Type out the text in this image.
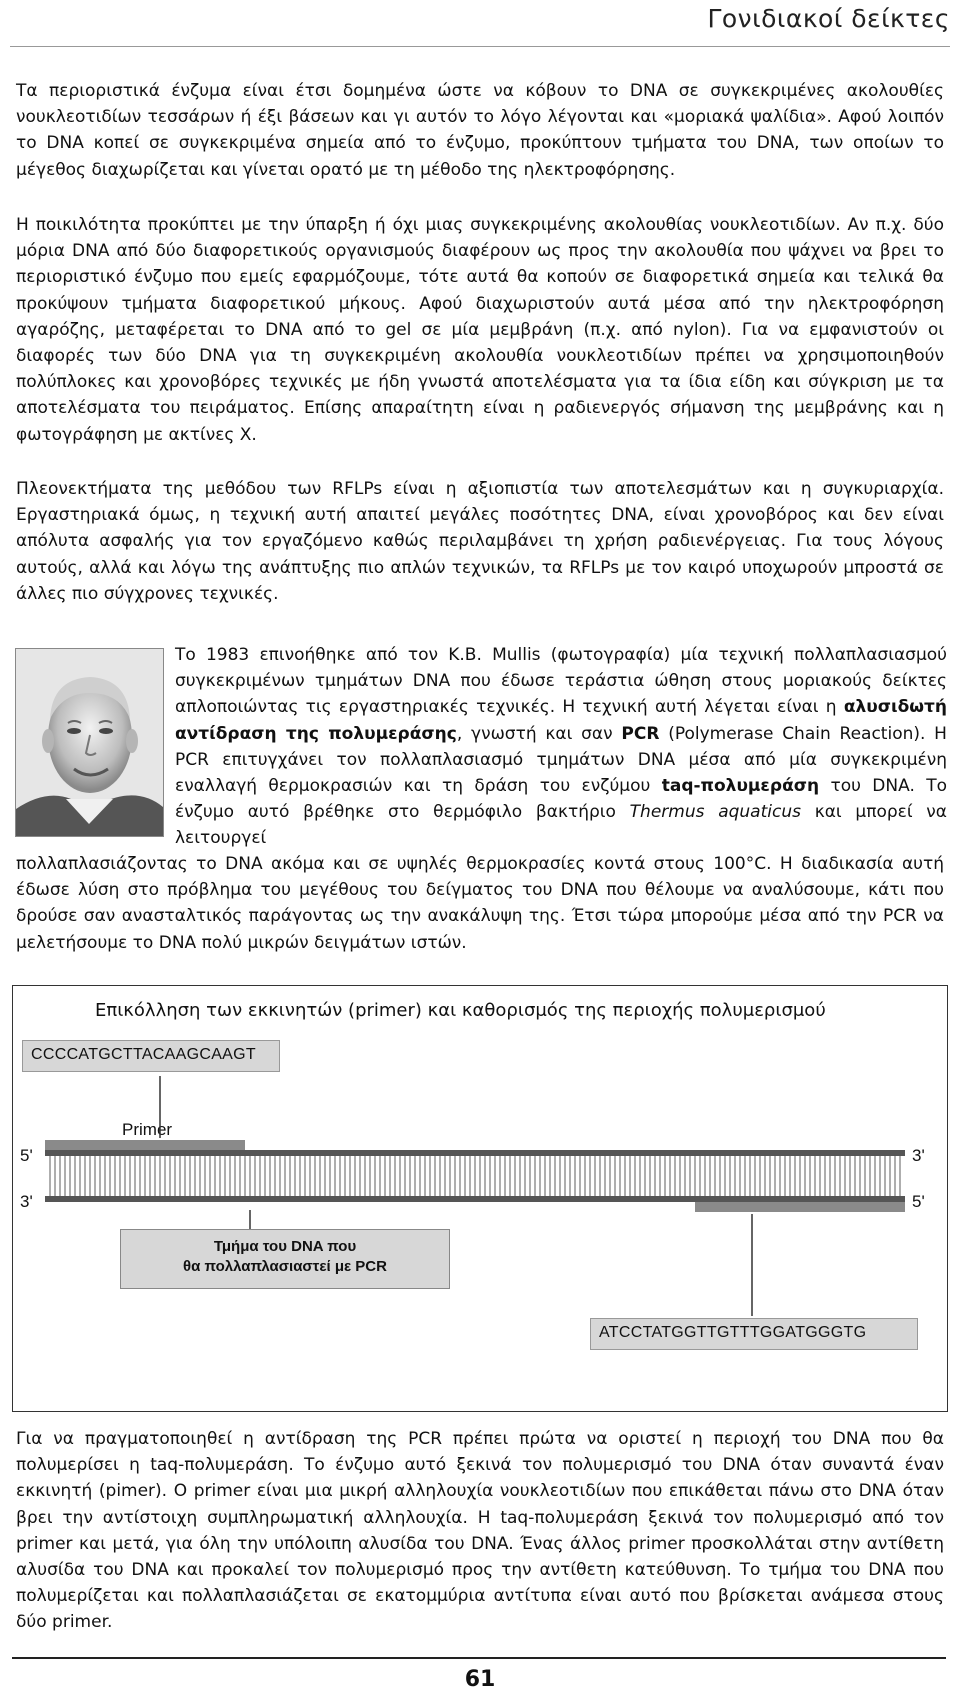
Γονιδιακοί δείκτες

Τα περιοριστικά ένζυμα είναι έτσι δομημένα ώστε να κόβουν το DNA σε συγκεκριμένες ακολουθίες νουκλεοτιδίων τεσσάρων ή έξι βάσεων και γι αυτόν το λόγο λέγονται και «μοριακά ψαλίδια». Αφού λοιπόν το DNA κοπεί σε συγκεκριμένα σημεία από το ένζυμο, προκύπτουν τμήματα του DNA, των οποίων το μέγεθος διαχωρίζεται και γίνεται ορατό με τη μέθοδο της ηλεκτροφόρησης.

Η ποικιλότητα προκύπτει με την ύπαρξη ή όχι μιας συγκεκριμένης ακολουθίας νουκλεοτιδίων. Αν π.χ. δύο μόρια DNA από δύο διαφορετικούς οργανισμούς διαφέρουν ως προς την ακολουθία που ψάχνει να βρει το περιοριστικό ένζυμο που εμείς εφαρμόζουμε, τότε αυτά θα κοπούν σε διαφορετικά σημεία και τελικά θα προκύψουν τμήματα διαφορετικού μήκους. Αφού διαχωριστούν αυτά μέσα από την ηλεκτροφόρηση αγαρόζης, μεταφέρεται το DNA από το gel σε μία μεμβράνη (π.χ. από nylon). Για να εμφανιστούν οι διαφορές των δύο DNA για τη συγκεκριμένη ακολουθία νουκλεοτιδίων πρέπει να χρησιμοποιηθούν πολύπλοκες και χρονοβόρες τεχνικές με ήδη γνωστά αποτελέσματα για τα ίδια είδη και σύγκριση με τα αποτελέσματα του πειράματος. Επίσης απαραίτητη είναι η ραδιενεργός σήμανση της μεμβράνης και η φωτογράφηση με ακτίνες Χ.

Πλεονεκτήματα της μεθόδου των RFLPs είναι η αξιοπιστία των αποτελεσμάτων και η συγκυριαρχία. Εργαστηριακά όμως, η τεχνική αυτή απαιτεί μεγάλες ποσότητες DNA, είναι χρονοβόρος και δεν είναι απόλυτα ασφαλής για τον εργαζόμενο καθώς περιλαμβάνει τη χρήση ραδιενέργειας. Για τους λόγους αυτούς, αλλά και λόγω της ανάπτυξης πιο απλών τεχνικών, τα RFLPs με τον καιρό υποχωρούν μπροστά σε άλλες πιο σύγχρονες τεχνικές.

Το 1983 επινοήθηκε από τον K.B. Mullis (φωτογραφία) μία τεχνική πολλαπλασιασμού συγκεκριμένων τμημάτων DNA που έδωσε τεράστια ώθηση στους μοριακούς δείκτες απλοποιώντας τις εργαστηριακές τεχνικές. Η τεχνική αυτή λέγεται είναι η αλυσιδωτή αντίδραση της πολυμεράσης, γνωστή και σαν PCR (Polymerase Chain Reaction). Η PCR επιτυγχάνει τον πολλαπλασιασμό τμημάτων DNA μέσα από μία συγκεκριμένη εναλλαγή θερμοκρασιών και τη δράση του ενζύμου taq-πολυμεράση του DNA. Το ένζυμο αυτό βρέθηκε στο θερμόφιλο βακτήριο Thermus aquaticus και μπορεί να λειτουργεί

πολλαπλασιάζοντας το DNA ακόμα και σε υψηλές θερμοκρασίες κοντά στους 100°C. Η διαδικασία αυτή έδωσε λύση στο πρόβλημα του μεγέθους του δείγματος του DNA που θέλουμε να αναλύσουμε, κάτι που δρούσε σαν ανασταλτικός παράγοντας ως την ανακάλυψη της. Έτσι τώρα μπορούμε μέσα από την PCR να μελετήσουμε το DNA πολύ μικρών δειγμάτων ιστών.

Επικόλληση των εκκινητών (primer) και καθορισμός της περιοχής πολυμερισμού
CCCCATGCTTACAAGCAAGT
ATCCTATGGTTGTTTGGATGGGTG
Primer
5'
3'
3'
5'
Τμήμα του DNA που
θα πολλαπλασιαστεί με PCR

Για να πραγματοποιηθεί η αντίδραση της PCR πρέπει πρώτα να οριστεί η περιοχή του DNA που θα πολυμερίσει η taq-πολυμεράση. Το ένζυμο αυτό ξεκινά τον πολυμερισμό του DNA όταν συναντά έναν εκκινητή (pimer). Ο primer είναι μια μικρή αλληλουχία νουκλεοτιδίων που επικάθεται πάνω στο DNA όταν βρει την αντίστοιχη συμπληρωματική αλληλουχία. Η taq-πολυμεράση ξεκινά τον πολυμερισμό από τον primer και μετά, για όλη την υπόλοιπη αλυσίδα του DNA. Ένας άλλος primer προσκολλάται στην αντίθετη αλυσίδα του DNA και προκαλεί τον πολυμερισμό προς την αντίθετη κατεύθυνση. Το τμήμα του DNA που πολυμερίζεται και πολλαπλασιάζεται σε εκατομμύρια αντίτυπα είναι αυτό που βρίσκεται ανάμεσα στους δύο primer.

61
